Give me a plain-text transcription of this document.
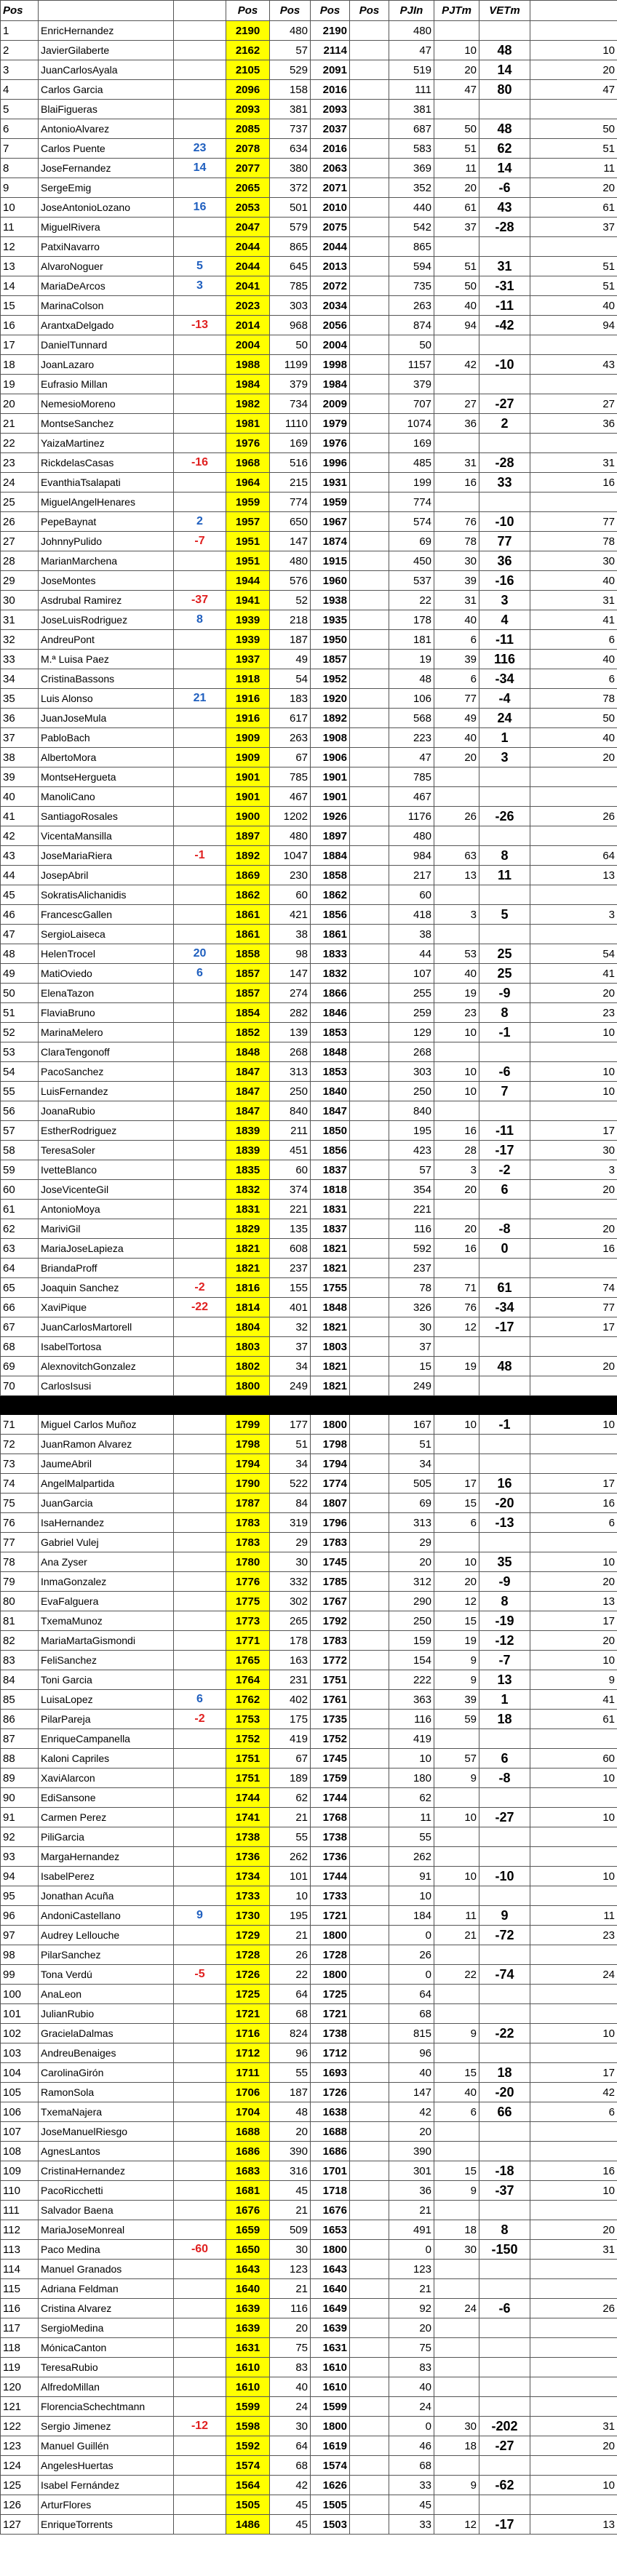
Pos			Pos	Pos	Pos	Pos	PJIn	PJTm	VETm	
1	EnricHernandez		2190	480	2190		480			
2	JavierGilaberte		2162	57	2114		47	10	48	10
3	JuanCarlosAyala		2105	529	2091		519	20	14	20
4	Carlos Garcia		2096	158	2016		111	47	80	47
5	BlaiFigueras		2093	381	2093		381			
6	AntonioAlvarez		2085	737	2037		687	50	48	50
7	Carlos Puente	23	2078	634	2016		583	51	62	51
8	JoseFernandez	14	2077	380	2063		369	11	14	11
9	SergeEmig		2065	372	2071		352	20	-6	20
10	JoseAntonioLozano	16	2053	501	2010		440	61	43	61
11	MiguelRivera		2047	579	2075		542	37	-28	37
12	PatxiNavarro		2044	865	2044		865			
13	AlvaroNoguer	5	2044	645	2013		594	51	31	51
14	MariaDeArcos	3	2041	785	2072		735	50	-31	51
15	MarinaColson		2023	303	2034		263	40	-11	40
16	ArantxaDelgado	-13	2014	968	2056		874	94	-42	94
17	DanielTunnard		2004	50	2004		50			
18	JoanLazaro		1988	1199	1998		1157	42	-10	43
19	Eufrasio Millan		1984	379	1984		379			
20	NemesioMoreno		1982	734	2009		707	27	-27	27
21	MontseSanchez		1981	1110	1979		1074	36	2	36
22	YaizaMartinez		1976	169	1976		169			
23	RickdelasCasas	-16	1968	516	1996		485	31	-28	31
24	EvanthiaTsalapati		1964	215	1931		199	16	33	16
25	MiguelAngelHenares		1959	774	1959		774			
26	PepeBaynat	2	1957	650	1967		574	76	-10	77
27	JohnnyPulido	-7	1951	147	1874		69	78	77	78
28	MarianMarchena		1951	480	1915		450	30	36	30
29	JoseMontes		1944	576	1960		537	39	-16	40
30	Asdrubal Ramirez	-37	1941	52	1938		22	31	3	31
31	JoseLuisRodriguez	8	1939	218	1935		178	40	4	41
32	AndreuPont		1939	187	1950		181	6	-11	6
33	M.ª Luisa Paez		1937	49	1857		19	39	116	40
34	CristinaBassons		1918	54	1952		48	6	-34	6
35	Luis Alonso	21	1916	183	1920		106	77	-4	78
36	JuanJoseMula		1916	617	1892		568	49	24	50
37	PabloBach		1909	263	1908		223	40	1	40
38	AlbertoMora		1909	67	1906		47	20	3	20
39	MontseHergueta		1901	785	1901		785			
40	ManoliCano		1901	467	1901		467			
41	SantiagoRosales		1900	1202	1926		1176	26	-26	26
42	VicentaMansilla		1897	480	1897		480			
43	JoseMariaRiera	-1	1892	1047	1884		984	63	8	64
44	JosepAbril		1869	230	1858		217	13	11	13
45	SokratisAlichanidis		1862	60	1862		60			
46	FrancescGallen		1861	421	1856		418	3	5	3
47	SergioLaiseca		1861	38	1861		38			
48	HelenTrocel	20	1858	98	1833		44	53	25	54
49	MatiOviedo	6	1857	147	1832		107	40	25	41
50	ElenaTazon		1857	274	1866		255	19	-9	20
51	FlaviaBruno		1854	282	1846		259	23	8	23
52	MarinaMelero		1852	139	1853		129	10	-1	10
53	ClaraTengonoff		1848	268	1848		268			
54	PacoSanchez		1847	313	1853		303	10	-6	10
55	LuisFernandez		1847	250	1840		250	10	7	10
56	JoanaRubio		1847	840	1847		840			
57	EstherRodriguez		1839	211	1850		195	16	-11	17
58	TeresaSoler		1839	451	1856		423	28	-17	30
59	IvetteBlanco		1835	60	1837		57	3	-2	3
60	JoseVicenteGil		1832	374	1818		354	20	6	20
61	AntonioMoya		1831	221	1831		221			
62	MariviGil		1829	135	1837		116	20	-8	20
63	MariaJoseLapieza		1821	608	1821		592	16	0	16
64	BriandaProff		1821	237	1821		237			
65	Joaquin Sanchez	-2	1816	155	1755		78	71	61	74
66	XaviPique	-22	1814	401	1848		326	76	-34	77
67	JuanCarlosMartorell		1804	32	1821		30	12	-17	17
68	IsabelTortosa		1803	37	1803		37			
69	AlexnovitchGonzalez		1802	34	1821		15	19	48	20
70	CarlosIsusi		1800	249	1821		249			

71	Miguel Carlos Muñoz		1799	177	1800		167	10	-1	10
72	JuanRamon Alvarez		1798	51	1798		51			
73	JaumeAbril		1794	34	1794		34			
74	AngelMalpartida		1790	522	1774		505	17	16	17
75	JuanGarcia		1787	84	1807		69	15	-20	16
76	IsaHernandez		1783	319	1796		313	6	-13	6
77	Gabriel Vulej		1783	29	1783		29			
78	Ana Zyser		1780	30	1745		20	10	35	10
79	InmaGonzalez		1776	332	1785		312	20	-9	20
80	EvaFalguera		1775	302	1767		290	12	8	13
81	TxemaMunoz		1773	265	1792		250	15	-19	17
82	MariaMartaGismondi		1771	178	1783		159	19	-12	20
83	FeliSanchez		1765	163	1772		154	9	-7	10
84	Toni Garcia		1764	231	1751		222	9	13	9
85	LuisaLopez	6	1762	402	1761		363	39	1	41
86	PilarPareja	-2	1753	175	1735		116	59	18	61
87	EnriqueCampanella		1752	419	1752		419			
88	Kaloni Capriles		1751	67	1745		10	57	6	60
89	XaviAlarcon		1751	189	1759		180	9	-8	10
90	EdiSansone		1744	62	1744		62			
91	Carmen Perez		1741	21	1768		11	10	-27	10
92	PiliGarcia		1738	55	1738		55			
93	MargaHernandez		1736	262	1736		262			
94	IsabelPerez		1734	101	1744		91	10	-10	10
95	Jonathan Acuña		1733	10	1733		10			
96	AndoniCastellano	9	1730	195	1721		184	11	9	11
97	Audrey Lellouche		1729	21	1800		0	21	-72	23
98	PilarSanchez		1728	26	1728		26			
99	Tona Verdú	-5	1726	22	1800		0	22	-74	24
100	AnaLeon		1725	64	1725		64			
101	JulianRubio		1721	68	1721		68			
102	GracielaDalmas		1716	824	1738		815	9	-22	10
103	AndreuBenaiges		1712	96	1712		96			
104	CarolinaGirón		1711	55	1693		40	15	18	17
105	RamonSola		1706	187	1726		147	40	-20	42
106	TxemaNajera		1704	48	1638		42	6	66	6
107	JoseManuelRiesgo		1688	20	1688		20			
108	AgnesLantos		1686	390	1686		390			
109	CristinaHernandez		1683	316	1701		301	15	-18	16
110	PacoRicchetti		1681	45	1718		36	9	-37	10
111	Salvador Baena		1676	21	1676		21			
112	MariaJoseMonreal		1659	509	1653		491	18	8	20
113	Paco Medina	-60	1650	30	1800		0	30	-150	31
114	Manuel Granados		1643	123	1643		123			
115	Adriana Feldman		1640	21	1640		21			
116	Cristina Alvarez		1639	116	1649		92	24	-6	26
117	SergioMedina		1639	20	1639		20			
118	MónicaCanton		1631	75	1631		75			
119	TeresaRubio		1610	83	1610		83			
120	AlfredoMillan		1610	40	1610		40			
121	FlorenciaSchechtmann		1599	24	1599		24			
122	Sergio Jimenez	-12	1598	30	1800		0	30	-202	31
123	Manuel Guillén		1592	64	1619		46	18	-27	20
124	AngelesHuertas		1574	68	1574		68			
125	Isabel Fernández		1564	42	1626		33	9	-62	10
126	ArturFlores		1505	45	1505		45			
127	EnriqueTorrents		1486	45	1503		33	12	-17	13
